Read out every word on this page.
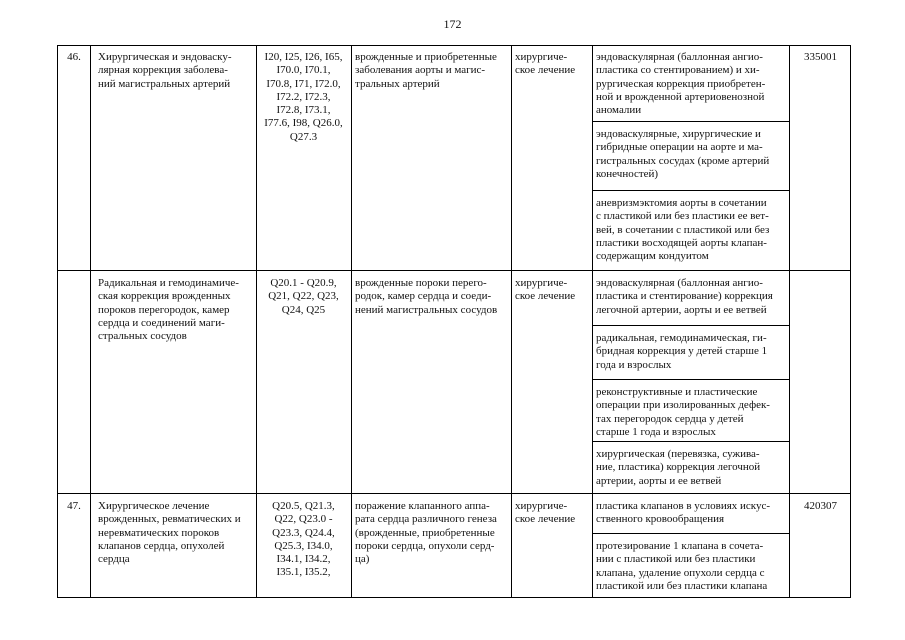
172
46.	Хирургическая и эндоваску-
лярная коррекция заболева-
ний магистральных артерий
I20, I25, I26, I65,
I70.0, I70.1,
I70.8, I71, I72.0,
I72.2, I72.3,
I72.8, I73.1,
I77.6, I98, Q26.0,
Q27.3
врожденные и приобретенные
заболевания аорты и магис-
тральных артерий
хирургиче-
ское лечение
эндоваскулярная (баллонная ангио-
пластика со стентированием) и хи-
рургическая коррекция приобретен-
ной и врожденной артериовенозной
аномалии
эндоваскулярные, хирургические и
гибридные операции на аорте и ма-
гистральных сосудах (кроме артерий
конечностей)
аневризмэктомия аорты в сочетании
с пластикой или без пластики ее вет-
вей, в сочетании с пластикой или без
пластики восходящей аорты клапан-
содержащим кондуитом
335001
Радикальная и гемодинамиче-
ская коррекция врожденных
пороков перегородок, камер
сердца и соединений маги-
стральных сосудов
Q20.1 - Q20.9,
Q21, Q22, Q23,
Q24, Q25
врожденные пороки перего-
родок, камер сердца и соеди-
нений магистральных сосудов
хирургиче-
ское лечение
эндоваскулярная (баллонная ангио-
пластика и стентирование) коррекция
легочной артерии, аорты и ее ветвей
радикальная, гемодинамическая, ги-
бридная коррекция у детей старше 1
года и взрослых
реконструктивные и пластические
операции при изолированных дефек-
тах перегородок сердца у детей
старше 1 года и взрослых
хирургическая (перевязка, сужива-
ние, пластика) коррекция легочной
артерии, аорты и ее ветвей
47.	Хирургическое лечение
врожденных, ревматических и
неревматических пороков
клапанов сердца, опухолей
сердца
Q20.5, Q21.3,
Q22, Q23.0 -
Q23.3, Q24.4,
Q25.3, I34.0,
I34.1, I34.2,
I35.1, I35.2,
поражение клапанного аппа-
рата сердца различного генеза
(врожденные, приобретенные
пороки сердца, опухоли серд-
ца)
хирургиче-
ское лечение
пластика клапанов в условиях искус-
ственного кровообращения
протезирование 1 клапана в сочета-
нии с пластикой или без пластики
клапана, удаление опухоли сердца с
пластикой или без пластики клапана
420307
